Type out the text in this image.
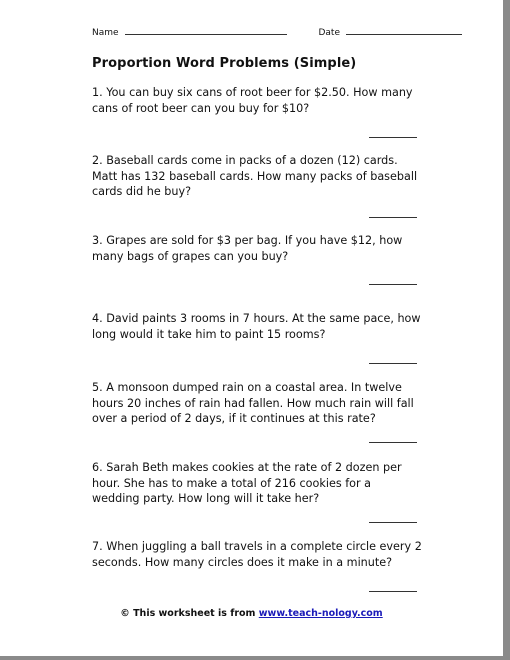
Name	Date
Proportion Word Problems (Simple)
1. You can buy six cans of root beer for $2.50. How many cans of root beer can you buy for $10?
2. Baseball cards come in packs of a dozen (12) cards. Matt has 132 baseball cards. How many packs of baseball cards did he buy?
3. Grapes are sold for $3 per bag. If you have $12, how many bags of grapes can you buy?
4. David paints 3 rooms in 7 hours. At the same pace, how long would it take him to paint 15 rooms?
5. A monsoon dumped rain on a coastal area. In twelve hours 20 inches of rain had fallen. How much rain will fall over a period of 2 days, if it continues at this rate?
6. Sarah Beth makes cookies at the rate of 2 dozen per hour. She has to make a total of 216 cookies for a wedding party. How long will it take her?
7. When juggling a ball travels in a complete circle every 2 seconds. How many circles does it make in a minute?
© This worksheet is from www.teach-nology.com
